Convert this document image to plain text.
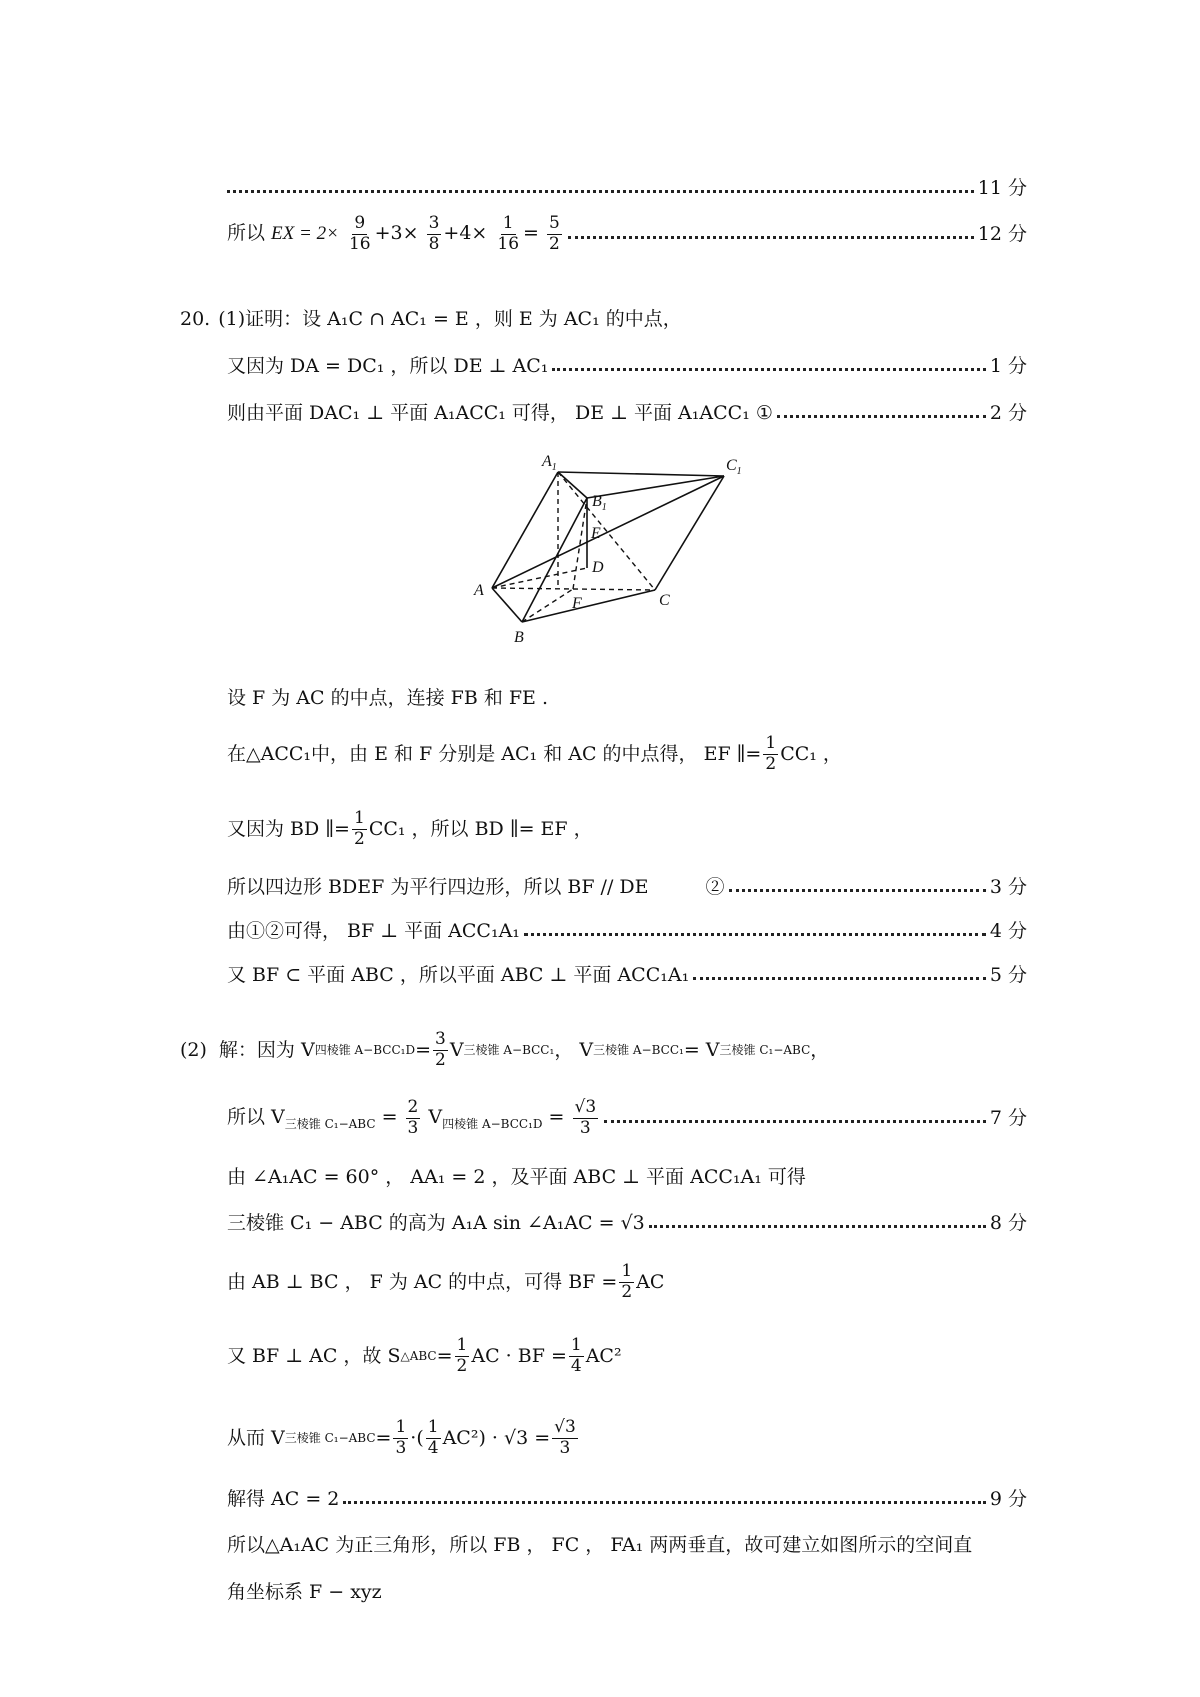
11 分
所以 EX = $2\times \frac{9}{16} +3\times \frac{3}{8} +4\times \frac{1}{16} = \frac{5}{2}$	12 分
20. (1)证明：设 A₁C ∩ AC₁ = E ，则 E 为 AC₁ 的中点，
又因为 DA = DC₁ ，所以 DE ⊥ AC₁	1 分
则由平面 DAC₁ ⊥ 平面 A₁ACC₁ 可得， DE ⊥ 平面 A₁ACC₁ ①	2 分
$A_1$	$C_1$
$B_1$
E
D
A
F	C
B
设 F 为 AC 的中点，连接 FB 和 FE .
在△ACC₁中，由 E 和 F 分别是 AC₁ 和 AC 的中点得， EF ∥= $\frac{1}{2} CC_1$ ，
又因为 BD ∥= $\frac{1}{2} CC_1$ ，所以 BD ∥= EF ，
所以四边形 BDEF 为平行四边形，所以 BF // DE　　　②	3 分
由①②可得， BF ⊥ 平面 ACC₁A₁	4 分
又 BF ⊂ 平面 ABC ，所以平面 ABC ⊥ 平面 ACC₁A₁	5 分
(2) 解：因为 V 四棱锥 $A-BCC_1D = \frac{3}{2}$ V 三棱锥 A−BCC₁ ， V 三棱锥 A−BCC₁ = V 三棱锥 C₁−ABC ，
所以 $V_{三棱锥 C_1-ABC} = \frac{2}{3} V_{四棱锥 A-BCC_1D} = \frac{√3}{3}$	7 分
由 ∠A₁AC = 60° ， AA₁ = 2 ，及平面 ABC ⊥ 平面 ACC₁A₁ 可得
三棱锥 C₁ − ABC 的高为 A₁A sin ∠A₁AC = √3	8 分
由 AB ⊥ BC ， F 为 AC 的中点，可得 BF = $\frac{1}{2}$ AC
又 BF ⊥ AC ，故 S △ABC = $\frac{1}{2}$ AC · BF = $\frac{1}{4} AC^2$
从而 V 三棱锥 $C_1-ABC = \frac{1}{3}$ ·( $\frac{1}{4} AC^2) \cdot √3 = \frac{√3}{3}$
解得 AC = 2	9 分
所以△A₁AC 为正三角形，所以 FB ， FC ， FA₁ 两两垂直，故可建立如图所示的空间直
角坐标系 F − xyz
